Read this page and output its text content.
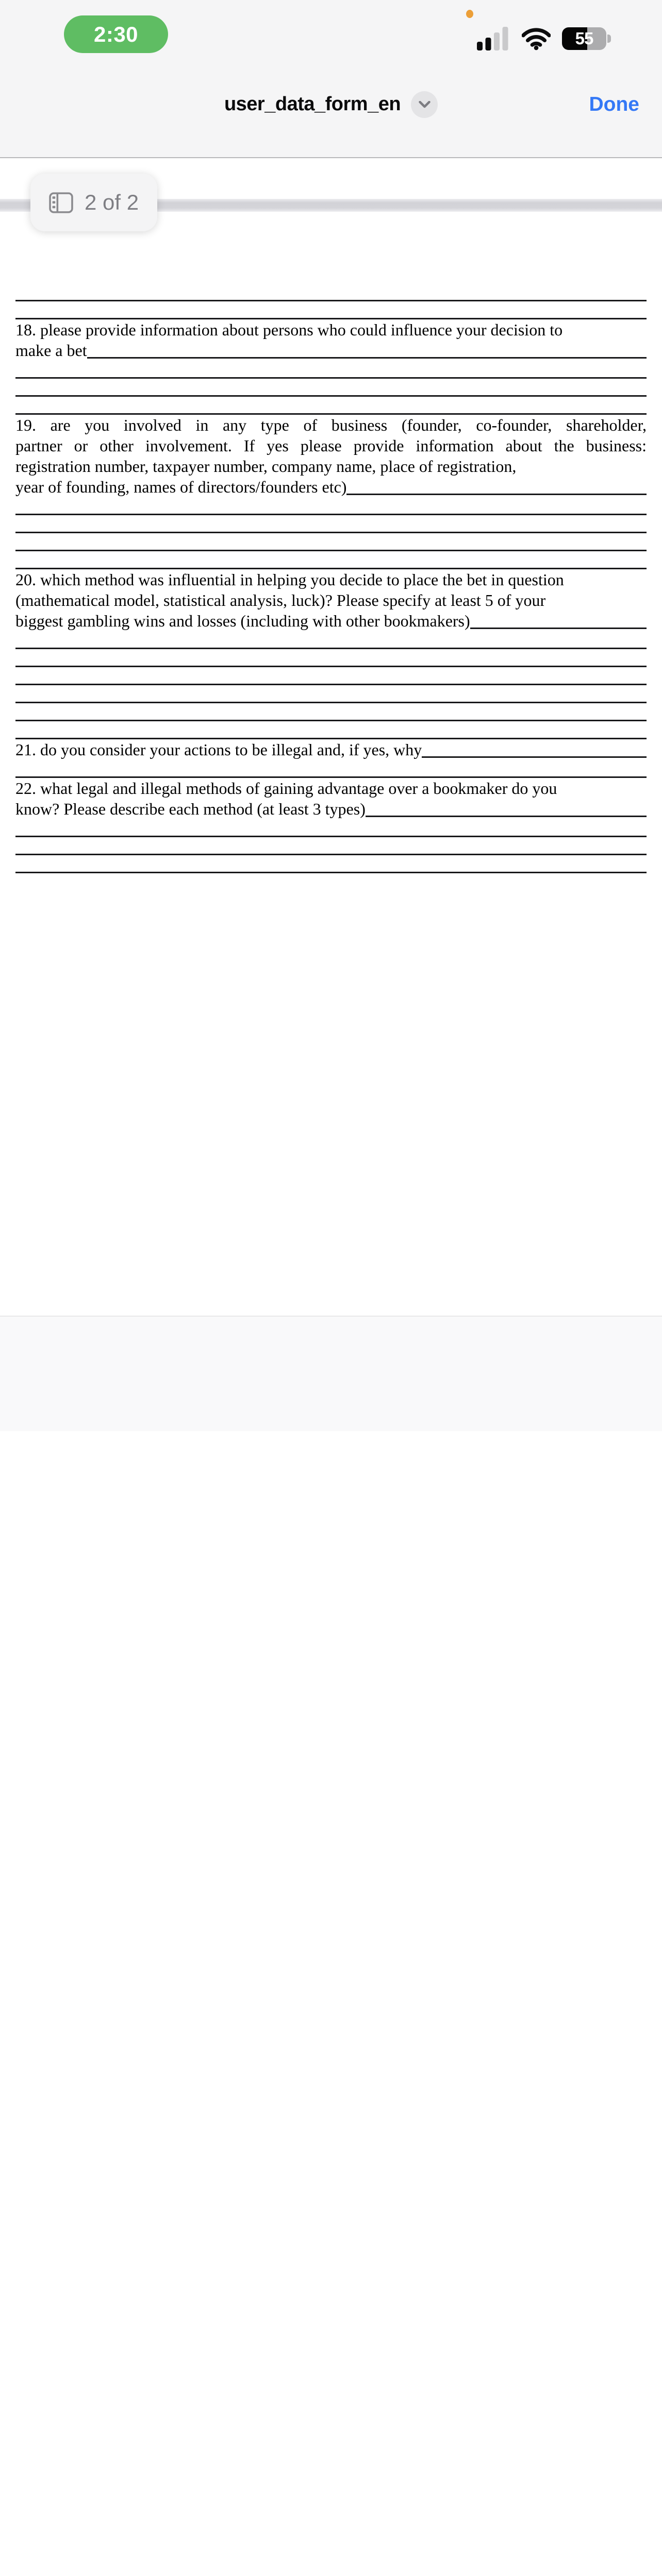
2:30	55
user_data_form_en	Done
2 of 2
18. please provide information about persons who could influence your decision to
make a bet
19. are you involved in any type of business (founder, co-founder, shareholder,
partner or other involvement. If yes please provide information about the business:
registration number, taxpayer number, company name, place of registration,
year of founding, names of directors/founders etc)
20. which method was influential in helping you decide to place the bet in question
(mathematical model, statistical analysis, luck)? Please specify at least 5 of your
biggest gambling wins and losses (including with other bookmakers)
21. do you consider your actions to be illegal and, if yes, why
22. what legal and illegal methods of gaining advantage over a bookmaker do you
know? Please describe each method (at least 3 types)
